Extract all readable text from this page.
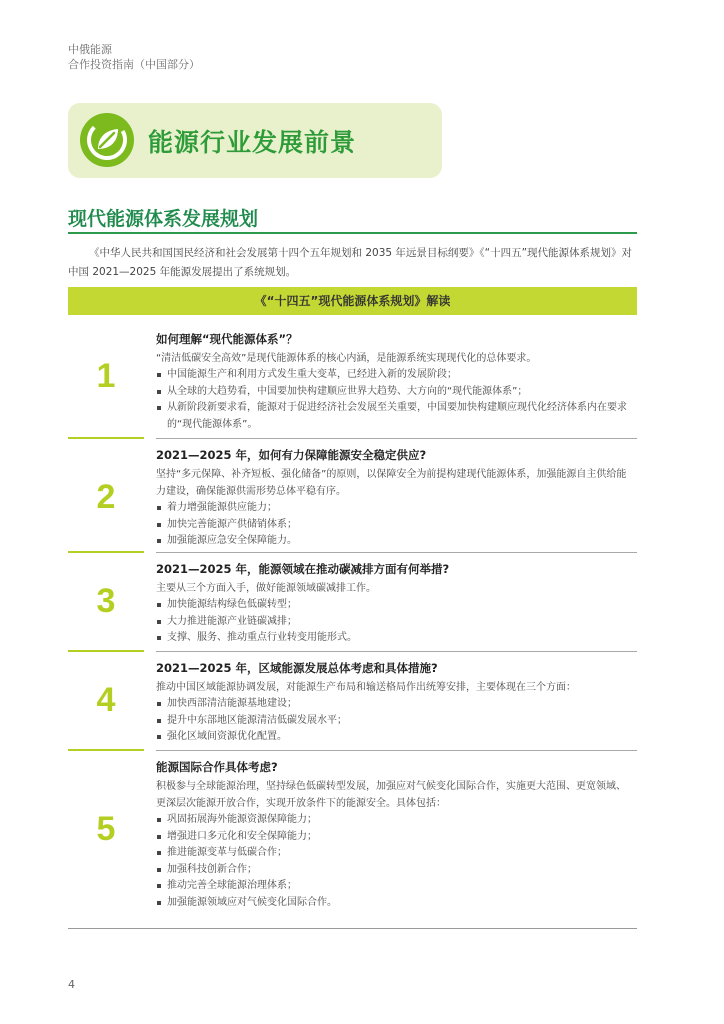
中俄能源
合作投资指南（中国部分）
能源行业发展前景
现代能源体系发展规划
《中华人民共和国国民经济和社会发展第十四个五年规划和 2035 年远景目标纲要》《“十四五”现代能源体系规划》对中国 2021—2025 年能源发展提出了系统规划。
《“十四五”现代能源体系规划》解读
1
如何理解“现代能源体系”？
“清洁低碳安全高效”是现代能源体系的核心内涵，是能源系统实现现代化的总体要求。
中国能源生产和利用方式发生重大变革，已经进入新的发展阶段；
从全球的大趋势看，中国要加快构建顺应世界大趋势、大方向的“现代能源体系”；
从新阶段新要求看，能源对于促进经济社会发展至关重要，中国要加快构建顺应现代化经济体系内在要求的“现代能源体系”。
2
2021—2025 年，如何有力保障能源安全稳定供应?
坚持“多元保障、补齐短板、强化储备”的原则，以保障安全为前提构建现代能源体系，加强能源自主供给能力建设，确保能源供需形势总体平稳有序。
着力增强能源供应能力；
加快完善能源产供储销体系；
加强能源应急安全保障能力。
3
2021—2025 年，能源领域在推动碳减排方面有何举措?
主要从三个方面入手，做好能源领域碳减排工作。
加快能源结构绿色低碳转型；
大力推进能源产业链碳减排；
支撑、服务、推动重点行业转变用能形式。
4
2021—2025 年，区域能源发展总体考虑和具体措施?
推动中国区域能源协调发展，对能源生产布局和输送格局作出统筹安排，主要体现在三个方面：
加快西部清洁能源基地建设；
提升中东部地区能源清洁低碳发展水平；
强化区域间资源优化配置。
5
能源国际合作具体考虑?
积极参与全球能源治理，坚持绿色低碳转型发展，加强应对气候变化国际合作，实施更大范围、更宽领域、更深层次能源开放合作，实现开放条件下的能源安全。具体包括：
巩固拓展海外能源资源保障能力；
增强进口多元化和安全保障能力；
推进能源变革与低碳合作；
加强科技创新合作；
推动完善全球能源治理体系；
加强能源领域应对气候变化国际合作。
4
